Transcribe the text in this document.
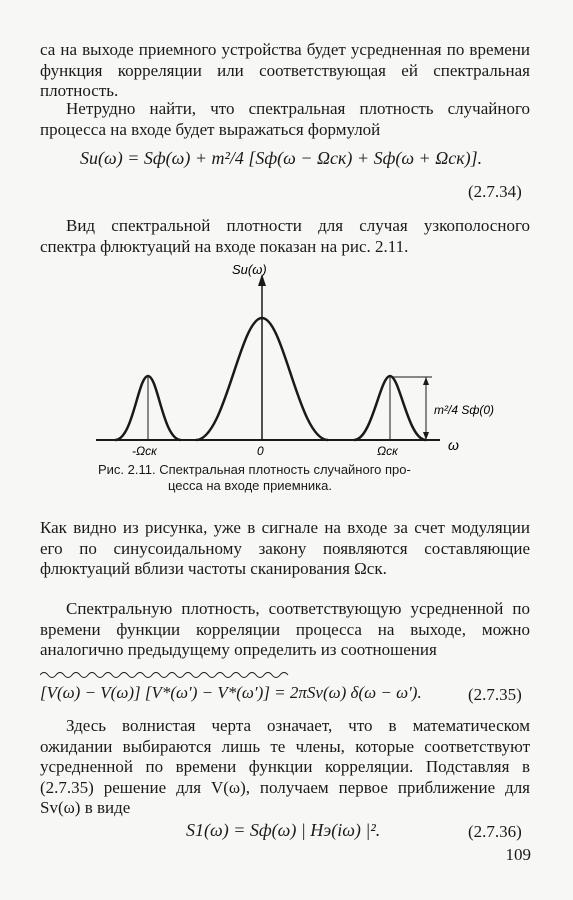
са на выходе приемного устройства будет усредненная по времени функция корреляции или соответствующая ей спектральная плотность.
Нетрудно найти, что спектральная плотность случайного процесса на входе будет выражаться формулой
Su(ω) = Sф(ω) + m²/4 [Sф(ω − Ωск) + Sф(ω + Ωск)].
(2.7.34)
Вид спектральной плотности для случая узкополосного спектра флюктуаций на входе показан на рис. 2.11.
Su(ω)
ω
-Ωск	0	Ωск
m²/4 Sф(0)
Рис. 2.11. Спектральная плотность случайного про-
цесса на входе приемника.
Как видно из рисунка, уже в сигнале на входе за счет модуляции его по синусоидальному закону появляются составляющие флюктуаций вблизи частоты сканирования Ωск.
Спектральную плотность, соответствующую усредненной по времени функции корреляции процесса на выходе, можно аналогично предыдущему определить из соотношения
[V(ω) − V(ω)] [V*(ω′) − V*(ω′)] = 2πSv(ω) δ(ω − ω′).	(2.7.35)
Здесь волнистая черта означает, что в математическом ожидании выбираются лишь те члены, которые соответствуют усредненной по времени функции корреляции. Подставляя в (2.7.35) решение для V(ω), получаем первое приближение для Sv(ω) в виде
S1(ω) = Sф(ω) | Hэ(iω) |².	(2.7.36)
109
